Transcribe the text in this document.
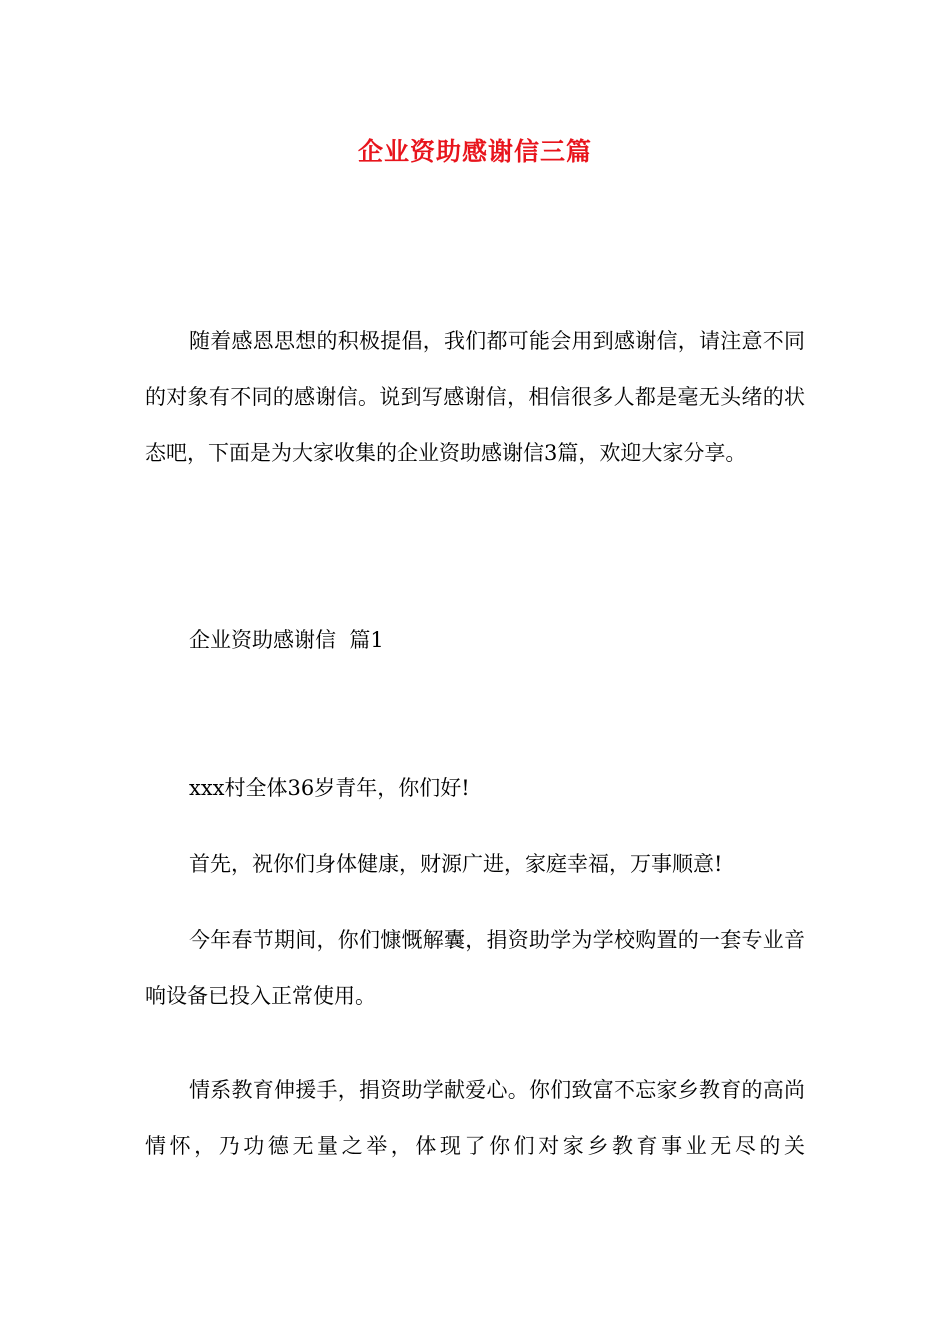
企业资助感谢信三篇

随着感恩思想的积极提倡，我们都可能会用到感谢信，请注意不同的对象有不同的感谢信。说到写感谢信，相信很多人都是毫无头绪的状态吧，下面是为大家收集的企业资助感谢信3篇，欢迎大家分享。

企业资助感谢信  篇1

xxx村全体36岁青年，你们好!

首先，祝你们身体健康，财源广进，家庭幸福，万事顺意!

今年春节期间，你们慷慨解囊，捐资助学为学校购置的一套专业音响设备已投入正常使用。

情系教育伸援手，捐资助学献爱心。你们致富不忘家乡教育的高尚情怀，乃功德无量之举，体现了你们对家乡教育事业无尽的关
